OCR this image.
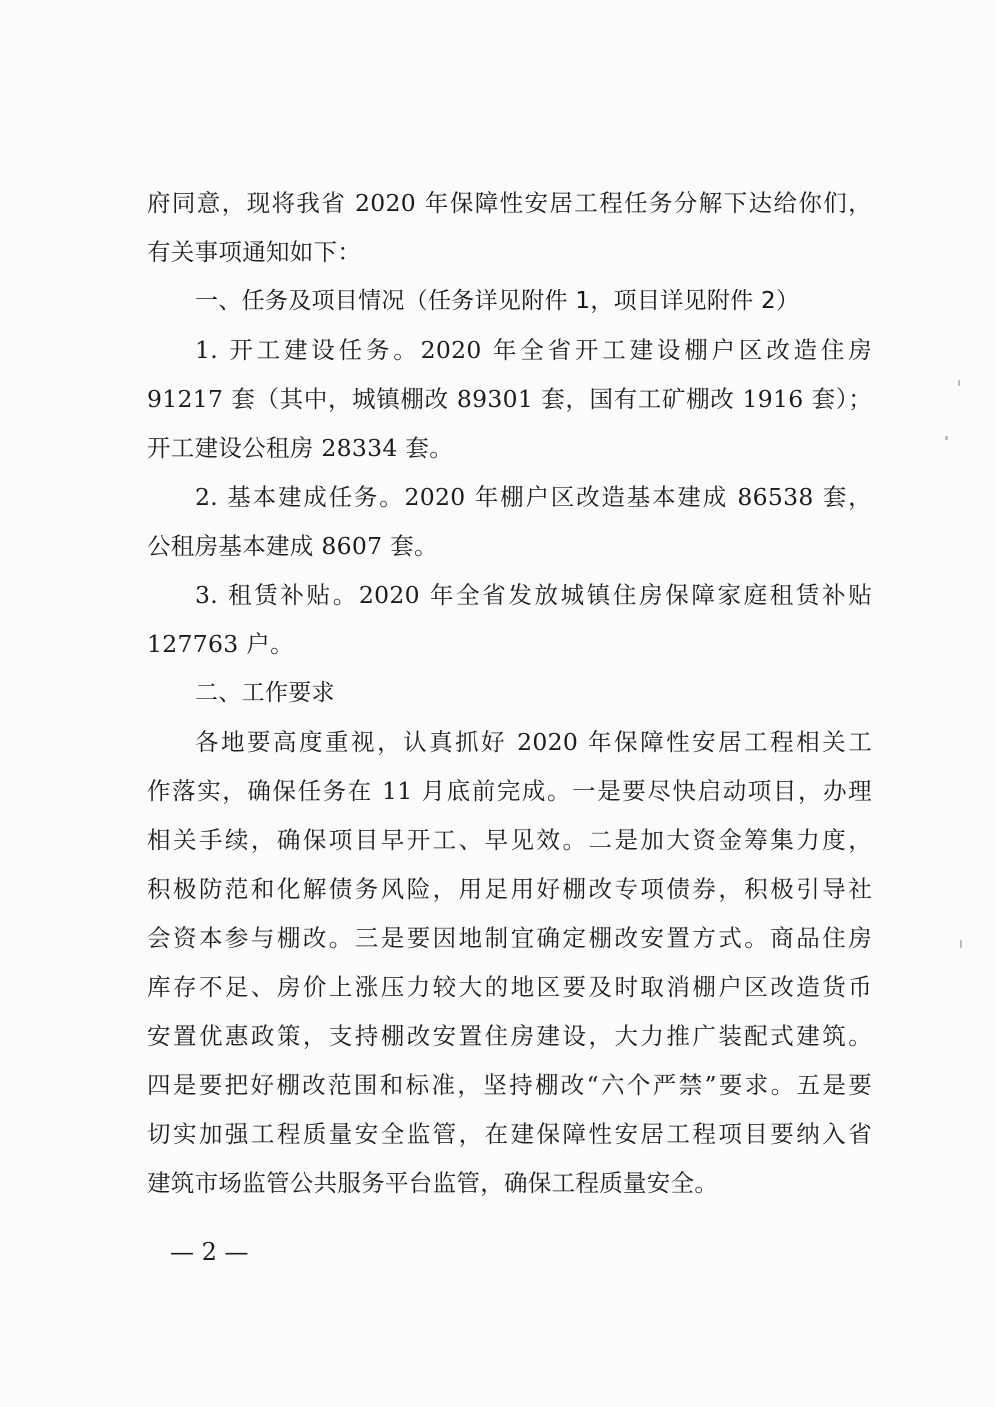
府同意，现将我省 2020 年保障性安居工程任务分解下达给你们，
有关事项通知如下：
一、任务及项目情况（任务详见附件 1，项目详见附件 2）
1. 开工建设任务。2020 年全省开工建设棚户区改造住房
91217 套（其中，城镇棚改 89301 套，国有工矿棚改 1916 套）；
开工建设公租房 28334 套。
2. 基本建成任务。2020 年棚户区改造基本建成 86538 套，
公租房基本建成 8607 套。
3. 租赁补贴。2020 年全省发放城镇住房保障家庭租赁补贴
127763 户。
二、工作要求
各地要高度重视，认真抓好 2020 年保障性安居工程相关工
作落实，确保任务在 11 月底前完成。一是要尽快启动项目，办理
相关手续，确保项目早开工、早见效。二是加大资金筹集力度，
积极防范和化解债务风险，用足用好棚改专项债券，积极引导社
会资本参与棚改。三是要因地制宜确定棚改安置方式。商品住房
库存不足、房价上涨压力较大的地区要及时取消棚户区改造货币
安置优惠政策，支持棚改安置住房建设，大力推广装配式建筑。
四是要把好棚改范围和标准，坚持棚改“六个严禁”要求。五是要
切实加强工程质量安全监管，在建保障性安居工程项目要纳入省
建筑市场监管公共服务平台监管，确保工程质量安全。
— 2 —
